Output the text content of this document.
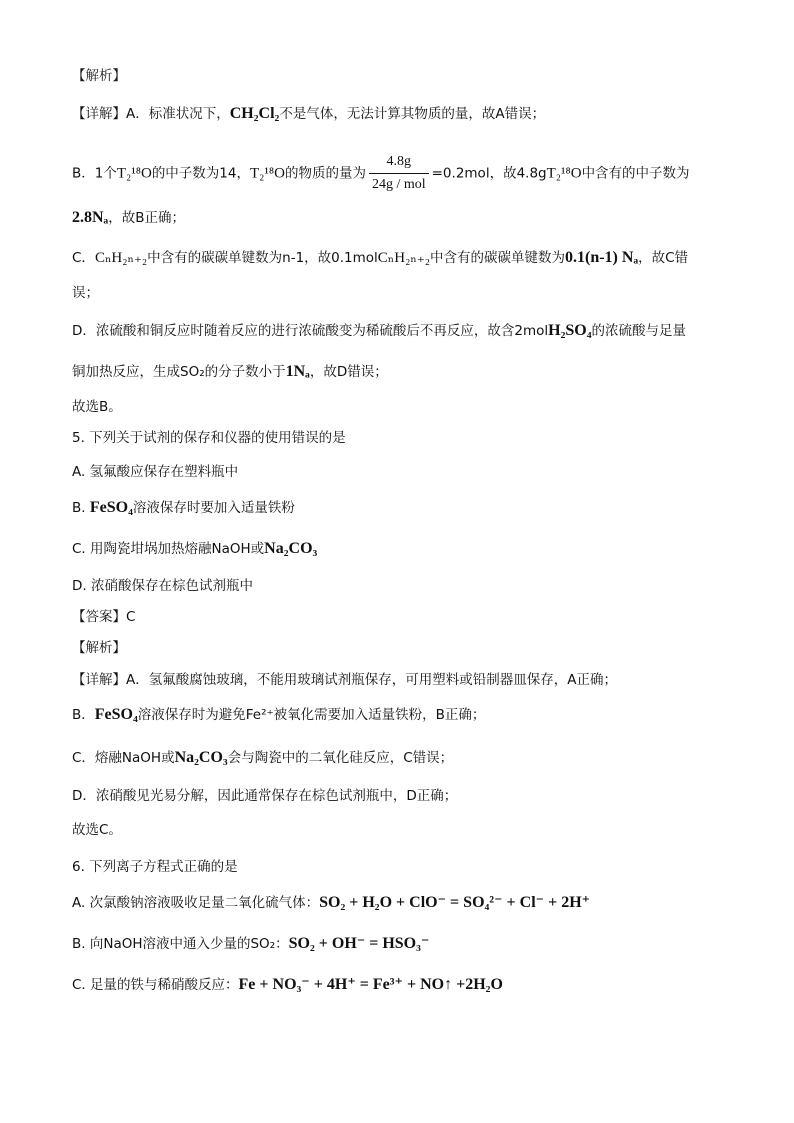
【解析】
【详解】A．标准状况下，CH₂Cl₂不是气体，无法计算其物质的量，故A错误；
B．1个T₂¹⁸O的中子数为14，T₂¹⁸O的物质的量为 $\frac{4.8g}{\text{24g / mol}} =0.2mol$，故4.8gT₂¹⁸O中含有的中子数为
2.8Nₐ，故B正确；
C．CₙH₂ₙ₊₂中含有的碳碳单键数为n-1，故0.1molCₙH₂ₙ₊₂中含有的碳碳单键数为0.1(n-1) Nₐ，故C错
误；
D．浓硫酸和铜反应时随着反应的进行浓硫酸变为稀硫酸后不再反应，故含2molH₂SO₄的浓硫酸与足量
铜加热反应，生成SO₂的分子数小于1Nₐ，故D错误；
故选B。
5. 下列关于试剂的保存和仪器的使用错误的是
A. 氢氟酸应保存在塑料瓶中
B. FeSO₄溶液保存时要加入适量铁粉
C. 用陶瓷坩埚加热熔融NaOH或Na₂CO₃
D. 浓硝酸保存在棕色试剂瓶中
【答案】C
【解析】
【详解】A．氢氟酸腐蚀玻璃，不能用玻璃试剂瓶保存，可用塑料或铅制器皿保存，A正确；
B．FeSO₄溶液保存时为避免Fe²⁺被氧化需要加入适量铁粉，B正确；
C．熔融NaOH或Na₂CO₃会与陶瓷中的二氧化硅反应，C错误；
D．浓硝酸见光易分解，因此通常保存在棕色试剂瓶中，D正确；
故选C。
6. 下列离子方程式正确的是
A. 次氯酸钠溶液吸收足量二氧化硫气体：SO₂ + H₂O + ClO⁻ = SO₄²⁻ + Cl⁻ + 2H⁺
B. 向NaOH溶液中通入少量的SO₂：SO₂ + OH⁻ = HSO₃⁻
C. 足量的铁与稀硝酸反应：Fe + NO₃⁻ + 4H⁺ = Fe³⁺ + NO↑ +2H₂O
